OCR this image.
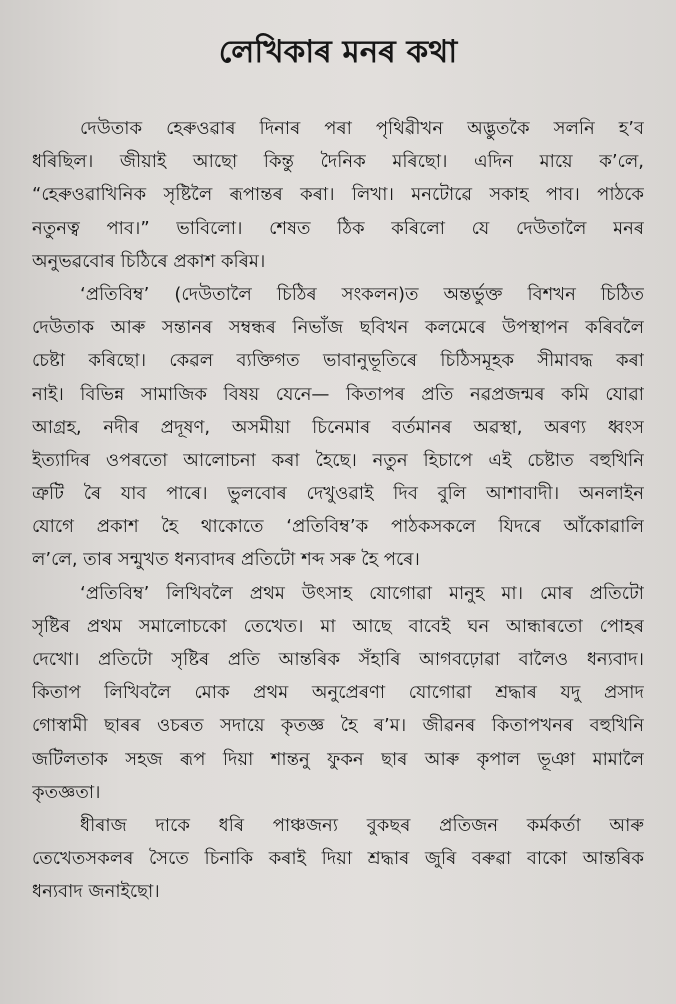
লেখিকাৰ মনৰ কথা
দেউতাক হেৰুওৱাৰ দিনাৰ পৰা পৃথিৱীখন অদ্ভুতকৈ সলনি হ’ব
ধৰিছিল। জীয়াই আছো কিন্তু দৈনিক মৰিছো। এদিন মায়ে ক’লে,
“হেৰুওৱাখিনিক সৃষ্টিলৈ ৰূপান্তৰ কৰা। লিখা। মনটোৱে সকাহ পাব। পাঠকে
নতুনত্ব পাব।” ভাবিলো। শেষত ঠিক কৰিলো যে দেউতালৈ মনৰ
অনুভৱবোৰ চিঠিৰে প্ৰকাশ কৰিম।
‘প্ৰতিবিম্ব’ (দেউতালৈ চিঠিৰ সংকলন)ত অন্তৰ্ভুক্ত বিশখন চিঠিত
দেউতাক আৰু সন্তানৰ সম্বন্ধৰ নিভাঁজ ছবিখন কলমেৰে উপস্থাপন কৰিবলৈ
চেষ্টা কৰিছো। কেৱল ব্যক্তিগত ভাবানুভূতিৰে চিঠিসমূহক সীমাবদ্ধ কৰা
নাই। বিভিন্ন সামাজিক বিষয় যেনে— কিতাপৰ প্ৰতি নৱপ্ৰজন্মৰ কমি যোৱা
আগ্ৰহ, নদীৰ প্ৰদূষণ, অসমীয়া চিনেমাৰ বৰ্তমানৰ অৱস্থা, অৰণ্য ধ্বংস
ইত্যাদিৰ ওপৰতো আলোচনা কৰা হৈছে। নতুন হিচাপে এই চেষ্টাত বহুখিনি
ত্ৰুটি ৰৈ যাব পাৰে। ভুলবোৰ দেখুওৱাই দিব বুলি আশাবাদী। অনলাইন
যোগে প্ৰকাশ হৈ থাকোতে ‘প্ৰতিবিম্ব’ক পাঠকসকলে যিদৰে আঁকোৱালি
ল’লে, তাৰ সন্মুখত ধন্যবাদৰ প্ৰতিটো শব্দ সৰু হৈ পৰে।
‘প্ৰতিবিম্ব’ লিখিবলৈ প্ৰথম উৎসাহ যোগোৱা মানুহ মা। মোৰ প্ৰতিটো
সৃষ্টিৰ প্ৰথম সমালোচকো তেখেত। মা আছে বাবেই ঘন আন্ধাৰতো পোহৰ
দেখো। প্ৰতিটো সৃষ্টিৰ প্ৰতি আন্তৰিক সঁহাৰি আগবঢ়োৱা বালৈও ধন্যবাদ।
কিতাপ লিখিবলৈ মোক প্ৰথম অনুপ্ৰেৰণা যোগোৱা শ্ৰদ্ধাৰ যদু প্ৰসাদ
গোস্বামী ছাৰৰ ওচৰত সদায়ে কৃতজ্ঞ হৈ ৰ’ম। জীৱনৰ কিতাপখনৰ বহুখিনি
জটিলতাক সহজ ৰূপ দিয়া শান্তনু ফুকন ছাৰ আৰু কৃপাল ভূঞা মামালৈ
কৃতজ্ঞতা।
ধীৰাজ দাকে ধৰি পাঞ্চজন্য বুকছৰ প্ৰতিজন কৰ্মকৰ্তা আৰু
তেখেতসকলৰ সৈতে চিনাকি কৰাই দিয়া শ্ৰদ্ধাৰ জুৰি বৰুৱা বাকো আন্তৰিক
ধন্যবাদ জনাইছো।
